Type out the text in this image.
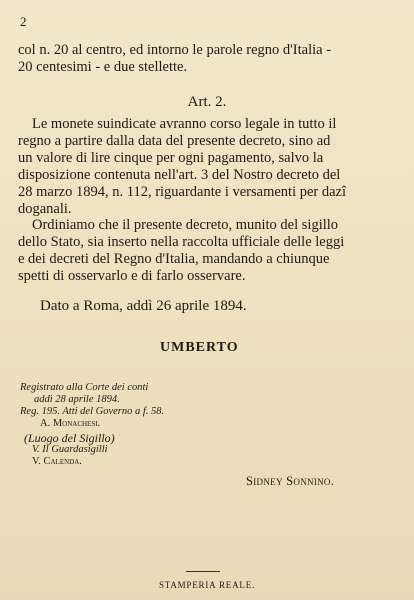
2

col n. 20 al centro, ed intorno le parole regno d'Italia -
20 centesimi - e due stellette.

Art. 2.

Le monete suindicate avranno corso legale in tutto il
regno a partire dalla data del presente decreto, sino ad
un valore di lire cinque per ogni pagamento, salvo la
disposizione contenuta nell'art. 3 del Nostro decreto del
28 marzo 1894, n. 112, riguardante i versamenti per dazî
doganali.

Ordiniamo che il presente decreto, munito del sigillo
dello Stato, sia inserto nella raccolta ufficiale delle leggi
e dei decreti del Regno d'Italia, mandando a chiunque
spetti di osservarlo e di farlo osservare.

Dato a Roma, addì 26 aprile 1894.
UMBERTO
Registrato alla Corte dei conti
addì 28 aprile 1894.
Reg. 195. Atti del Governo a f. 58.
A. Monachesi.
(Luogo del Sigillo)
V. Il Guardasigilli
V. Calenda.
Sidney Sonnino.
STAMPERIA REALE.
